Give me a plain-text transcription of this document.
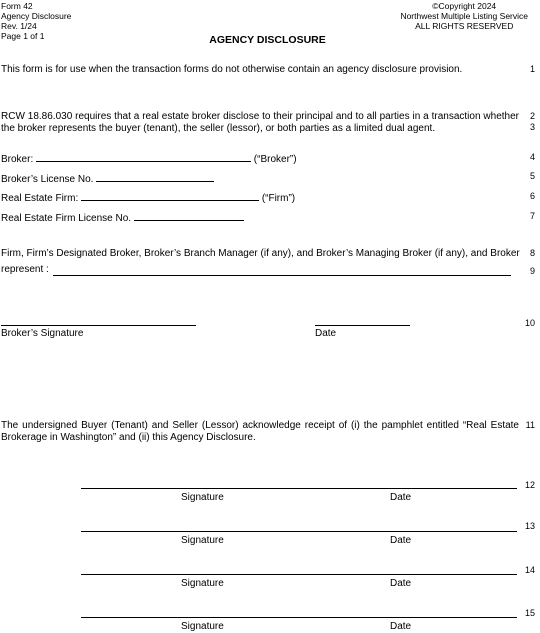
Form 42
Agency Disclosure
Rev. 1/24
Page 1 of 1
©Copyright 2024
Northwest Multiple Listing Service
ALL RIGHTS RESERVED
AGENCY DISCLOSURE
This form is for use when the transaction forms do not otherwise contain an agency disclosure provision.	1
RCW 18.86.030 requires that a real estate broker disclose to their principal and to all parties in a transaction whether the broker represents the buyer (tenant), the seller (lessor), or both parties as a limited dual agent.
2
3
Broker:	(“Broker”)	4
Broker’s License No.	5
Real Estate Firm:	(“Firm”)	6
Real Estate Firm License No.	7
Firm, Firm’s Designated Broker, Broker’s Branch Manager (if any), and Broker’s Managing Broker (if any), and Broker 8
represent :	9
Broker’s Signature	Date
10
The undersigned Buyer (Tenant) and Seller (Lessor) acknowledge receipt of (i) the pamphlet entitled “Real Estate Brokerage in Washington” and (ii) this Agency Disclosure.
11
Signature	Date
12
Signature	Date
13
Signature	Date
14
Signature	Date
15
